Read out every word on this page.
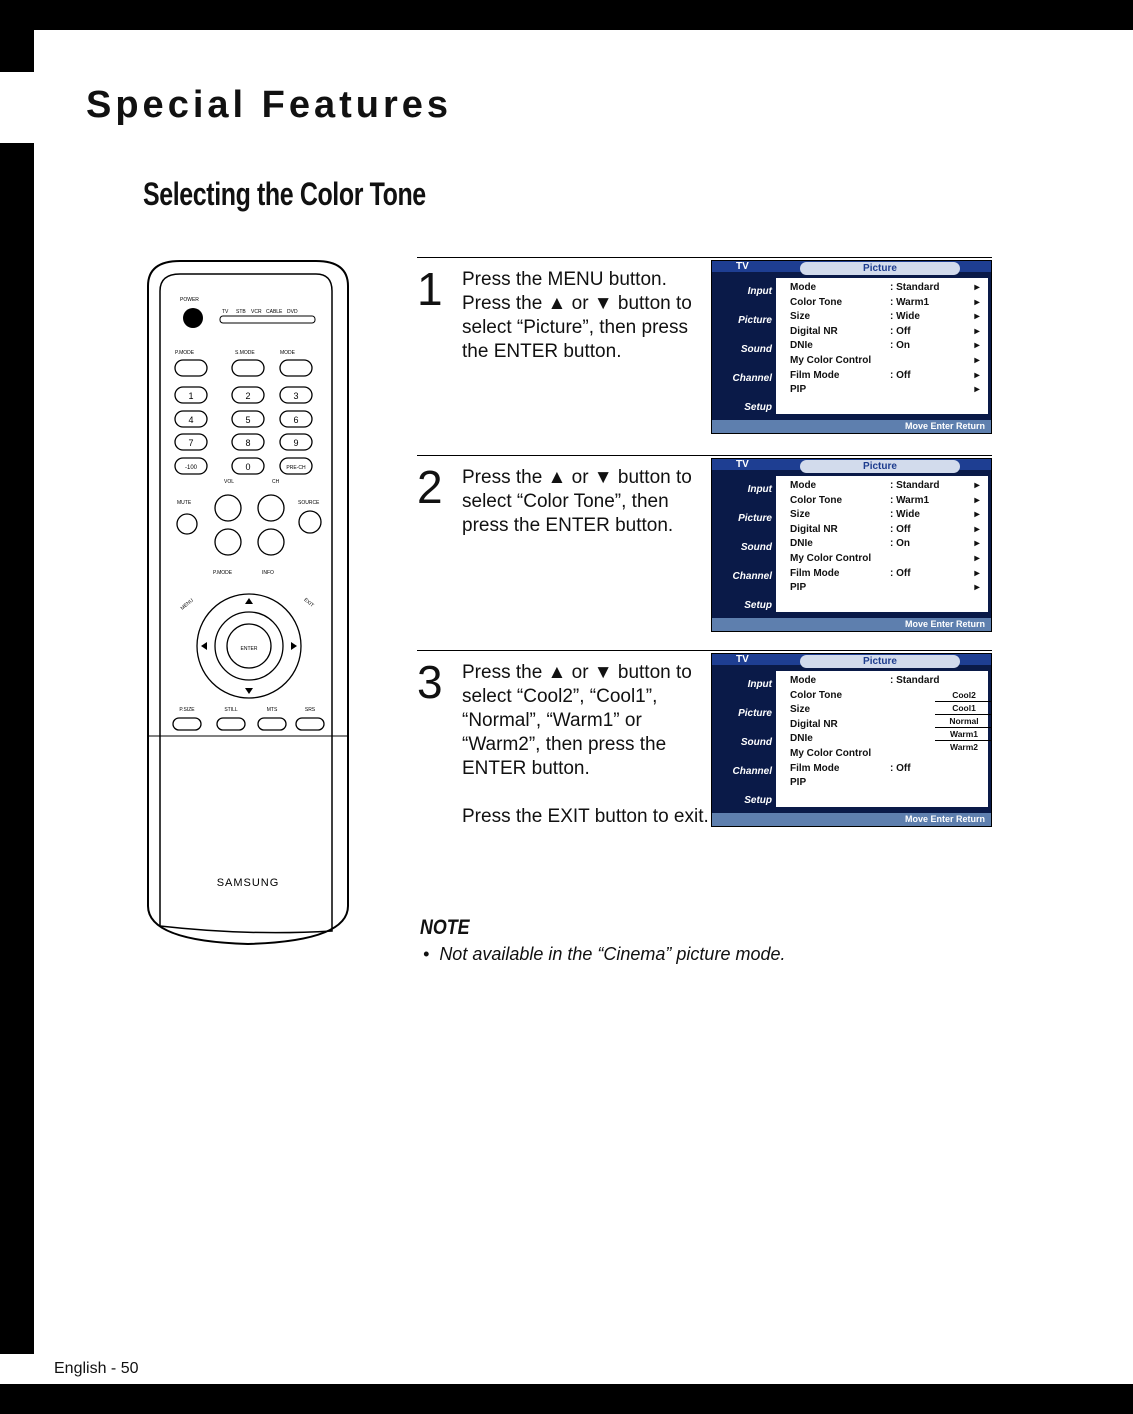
Special Features
Selecting the Color Tone
POWER
TV STB VCR CABLE DVD
P.MODE	S.MODE	MODE
1	2	3
4	5	6
7	8	9
-100	0	PRE-CH
VOL	CH
MUTE	SOURCE
P.MODE	INFO
MENU	EXIT
ENTER
P.SIZE	STILL	MTS	SRS
SAMSUNG
1 Press the MENU button. Press the ▲ or ▼ button to select “Picture”, then press the ENTER button.

TV	Picture
Input
Picture
Sound
Channel
Setup
Mode	: Standard	▸
Color Tone	: Warm1	▸
Size	: Wide	▸
Digital NR	: Off	▸
DNIe	: On	▸
My Color Control	▸
Film Mode	: Off	▸
PIP	▸
Move Enter Return
2 Press the ▲ or ▼ button to select “Color Tone”, then press the ENTER button.

TV	Picture
Input
Picture
Sound
Channel
Setup
Mode	: Standard	▸
Color Tone	: Warm1	▸
Size	: Wide	▸
Digital NR	: Off	▸
DNIe	: On	▸
My Color Control	▸
Film Mode	: Off	▸
PIP	▸
Move Enter Return
3 Press the ▲ or ▼ button to select “Cool2”, “Cool1”, “Normal”, “Warm1” or “Warm2”, then press the ENTER button.

Press the EXIT button to exit.

TV	Picture
Input
Picture
Sound
Channel
Setup
Mode	: Standard
Color Tone
Size
Digital NR
DNIe
My Color Control
Film Mode	: Off
PIP
Cool2
Cool1
Normal
Warm1
Warm2
Move Enter Return
NOTE

•  Not available in the “Cinema” picture mode.

English - 50
